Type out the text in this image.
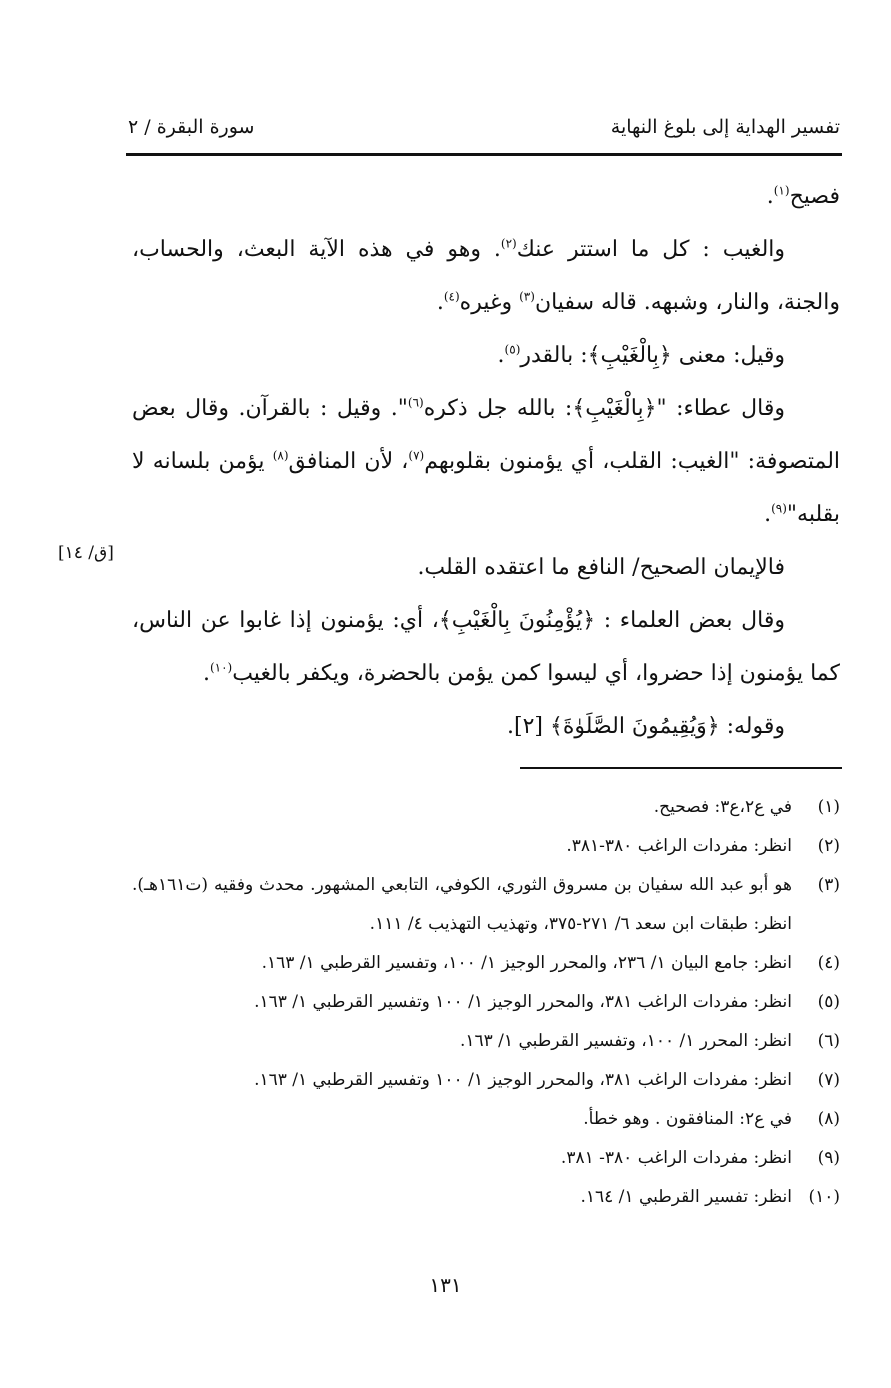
تفسير الهداية إلى بلوغ النهاية
سورة البقرة / ٢

فصيح$^{(١)}$.

والغيب : كل ما استتر عنك$^{(٢)}$. وهو في هذه الآية البعث، والحساب، والجنة، والنار، وشبهه. قاله سفيان$^{(٣)}$ وغيره$^{(٤)}$.

وقيل: معنى ﴿بِالْغَيْبِ﴾: بالقدر$^{(٥)}$.

وقال عطاء: "﴿بِالْغَيْبِ﴾: بالله جل ذكره$^{(٦)}$". وقيل : بالقرآن. وقال بعض المتصوفة: "الغيب: القلب، أي يؤمنون بقلوبهم$^{(٧)}$، لأن المنافق$^{(٨)}$ يؤمن بلسانه لا بقلبه"$^{(٩)}$.

فالإيمان الصحيح/ النافع ما اعتقده القلب.

وقال بعض العلماء : ﴿يُؤْمِنُونَ بِالْغَيْبِ﴾، أي: يؤمنون إذا غابوا عن الناس، كما يؤمنون إذا حضروا، أي ليسوا كمن يؤمن بالحضرة، ويكفر بالغيب$^{(١٠)}$.

وقوله: ﴿وَيُقِيمُونَ الصَّلَوٰةَ﴾ [٢].

[ق/ ١٤]
(١)
في ع٢،ع٣: فصحيح.
(٢)
انظر: مفردات الراغب ٣٨٠-٣٨١.
(٣)
هو أبو عبد الله سفيان بن مسروق الثوري، الكوفي، التابعي المشهور. محدث وفقيه (ت١٦١هـ). انظر: طبقات ابن سعد ٦/ ٢٧١-٣٧٥، وتهذيب التهذيب ٤/ ١١١.
(٤)
انظر: جامع البيان ١/ ٢٣٦، والمحرر الوجيز ١/ ١٠٠، وتفسير القرطبي ١/ ١٦٣.
(٥)
انظر: مفردات الراغب ٣٨١، والمحرر الوجيز ١/ ١٠٠ وتفسير القرطبي ١/ ١٦٣.
(٦)
انظر: المحرر ١/ ١٠٠، وتفسير القرطبي ١/ ١٦٣.
(٧)
انظر: مفردات الراغب ٣٨١، والمحرر الوجيز ١/ ١٠٠ وتفسير القرطبي ١/ ١٦٣.
(٨)
في ع٢: المنافقون . وهو خطأ.
(٩)
انظر: مفردات الراغب ٣٨٠- ٣٨١.
(١٠)
انظر: تفسير القرطبي ١/ ١٦٤.
١٣١
